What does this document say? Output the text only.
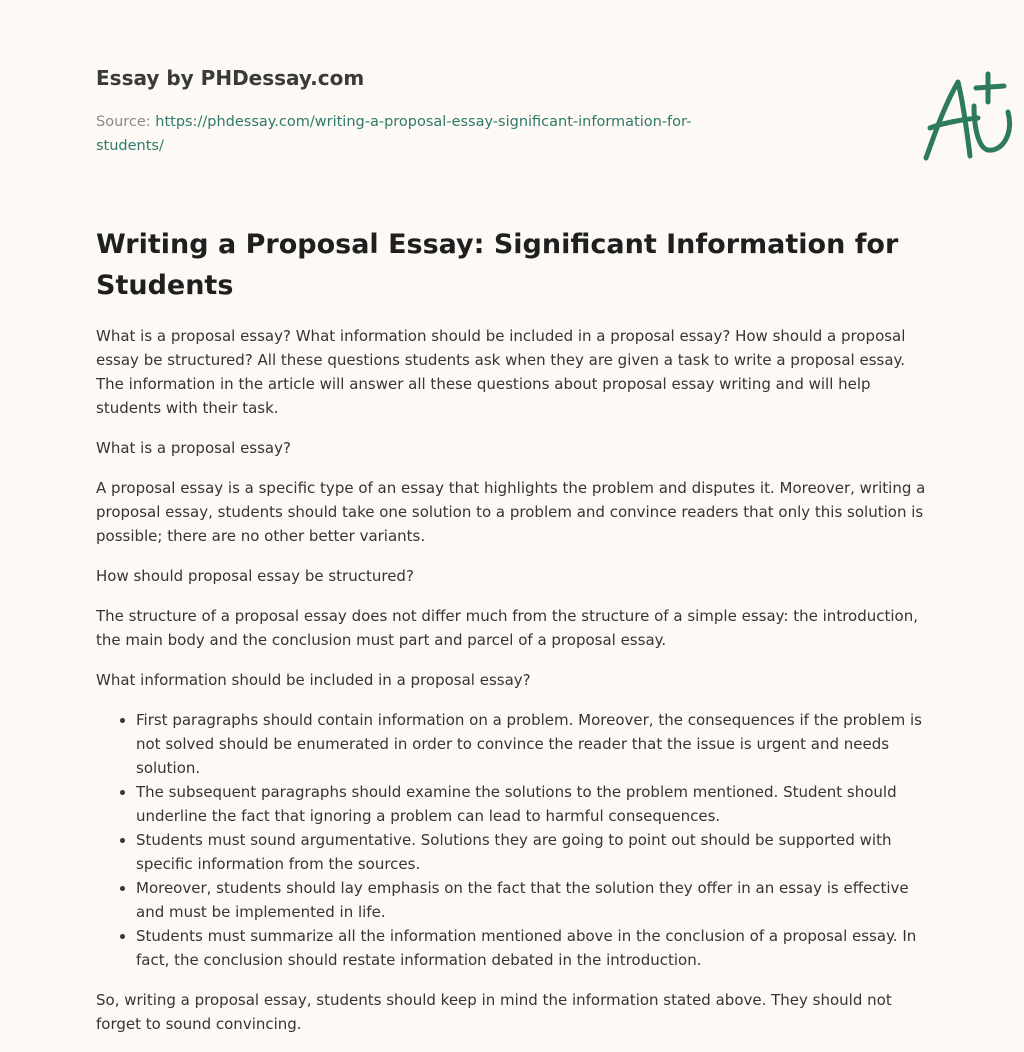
Essay by PHDessay.com
Source: https://phdessay.com/writing-a-proposal-essay-significant-information-for-students/
Writing a Proposal Essay: Significant Information for Students

What is a proposal essay? What information should be included in a proposal essay? How should a proposal essay be structured? All these questions students ask when they are given a task to write a proposal essay. The information in the article will answer all these questions about proposal essay writing and will help students with their task.

What is a proposal essay?

A proposal essay is a specific type of an essay that highlights the problem and disputes it. Moreover, writing a proposal essay, students should take one solution to a problem and convince readers that only this solution is possible; there are no other better variants.

How should proposal essay be structured?

The structure of a proposal essay does not differ much from the structure of a simple essay: the introduction, the main body and the conclusion must part and parcel of a proposal essay.

What information should be included in a proposal essay?

• First paragraphs should contain information on a problem. Moreover, the consequences if the problem is not solved should be enumerated in order to convince the reader that the issue is urgent and needs solution.
• The subsequent paragraphs should examine the solutions to the problem mentioned. Student should underline the fact that ignoring a problem can lead to harmful consequences.
• Students must sound argumentative. Solutions they are going to point out should be supported with specific information from the sources.
• Moreover, students should lay emphasis on the fact that the solution they offer in an essay is effective and must be implemented in life.
• Students must summarize all the information mentioned above in the conclusion of a proposal essay. In fact, the conclusion should restate information debated in the introduction.

So, writing a proposal essay, students should keep in mind the information stated above. They should not forget to sound convincing.
